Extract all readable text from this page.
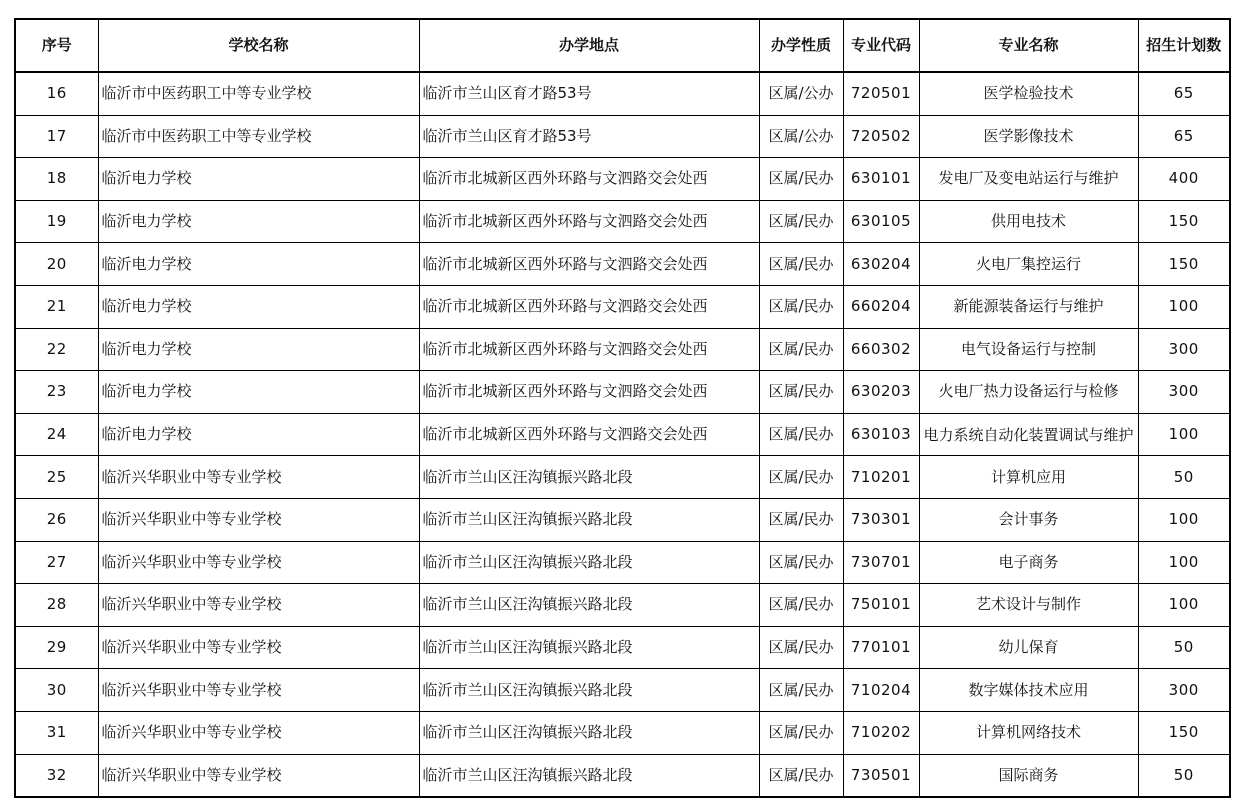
序号	学校名称	办学地点	办学性质	专业代码	专业名称	招生计划数
16	临沂市中医药职工中等专业学校	临沂市兰山区育才路53号	区属/公办	720501	医学检验技术	65
17	临沂市中医药职工中等专业学校	临沂市兰山区育才路53号	区属/公办	720502	医学影像技术	65
18	临沂电力学校	临沂市北城新区西外环路与文泗路交会处西	区属/民办	630101	发电厂及变电站运行与维护	400
19	临沂电力学校	临沂市北城新区西外环路与文泗路交会处西	区属/民办	630105	供用电技术	150
20	临沂电力学校	临沂市北城新区西外环路与文泗路交会处西	区属/民办	630204	火电厂集控运行	150
21	临沂电力学校	临沂市北城新区西外环路与文泗路交会处西	区属/民办	660204	新能源装备运行与维护	100
22	临沂电力学校	临沂市北城新区西外环路与文泗路交会处西	区属/民办	660302	电气设备运行与控制	300
23	临沂电力学校	临沂市北城新区西外环路与文泗路交会处西	区属/民办	630203	火电厂热力设备运行与检修	300
24	临沂电力学校	临沂市北城新区西外环路与文泗路交会处西	区属/民办	630103	电力系统自动化装置调试与维护	100
25	临沂兴华职业中等专业学校	临沂市兰山区汪沟镇振兴路北段	区属/民办	710201	计算机应用	50
26	临沂兴华职业中等专业学校	临沂市兰山区汪沟镇振兴路北段	区属/民办	730301	会计事务	100
27	临沂兴华职业中等专业学校	临沂市兰山区汪沟镇振兴路北段	区属/民办	730701	电子商务	100
28	临沂兴华职业中等专业学校	临沂市兰山区汪沟镇振兴路北段	区属/民办	750101	艺术设计与制作	100
29	临沂兴华职业中等专业学校	临沂市兰山区汪沟镇振兴路北段	区属/民办	770101	幼儿保育	50
30	临沂兴华职业中等专业学校	临沂市兰山区汪沟镇振兴路北段	区属/民办	710204	数字媒体技术应用	300
31	临沂兴华职业中等专业学校	临沂市兰山区汪沟镇振兴路北段	区属/民办	710202	计算机网络技术	150
32	临沂兴华职业中等专业学校	临沂市兰山区汪沟镇振兴路北段	区属/民办	730501	国际商务	50
